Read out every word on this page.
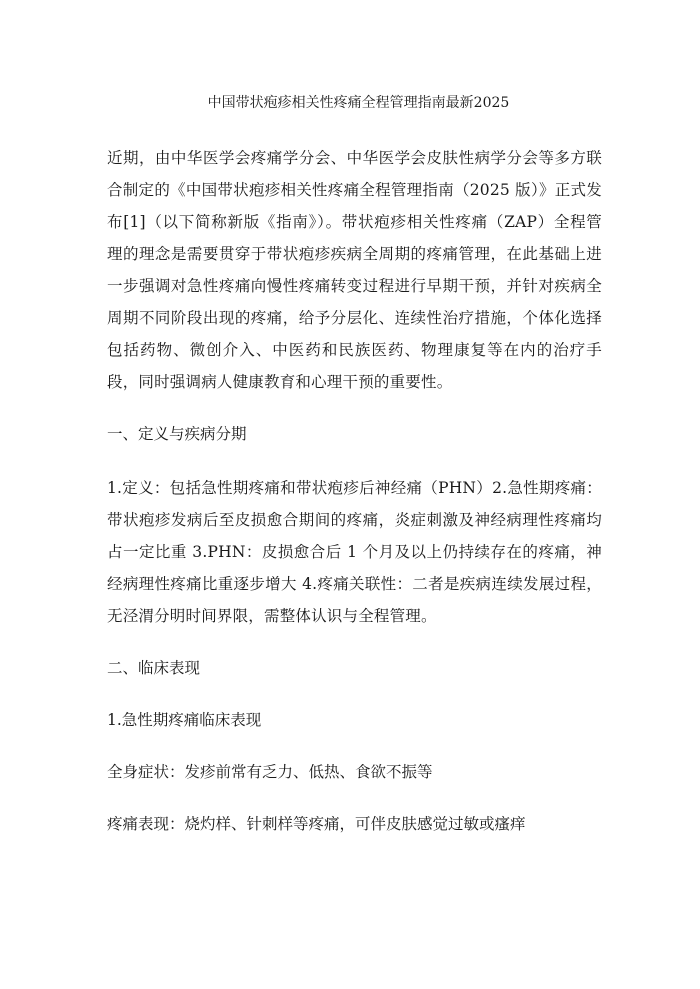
中国带状疱疹相关性疼痛全程管理指南最新2025

近期，由中华医学会疼痛学分会、中华医学会皮肤性病学分会等多方联合制定的《中国带状疱疹相关性疼痛全程管理指南（2025 版）》正式发布[1]（以下简称新版《指南》）。带状疱疹相关性疼痛（ZAP）全程管理的理念是需要贯穿于带状疱疹疾病全周期的疼痛管理，在此基础上进一步强调对急性疼痛向慢性疼痛转变过程进行早期干预，并针对疾病全周期不同阶段出现的疼痛，给予分层化、连续性治疗措施，个体化选择包括药物、微创介入、中医药和民族医药、物理康复等在内的治疗手段，同时强调病人健康教育和心理干预的重要性。

一、定义与疾病分期

1.定义：包括急性期疼痛和带状疱疹后神经痛（PHN）2.急性期疼痛：带状疱疹发病后至皮损愈合期间的疼痛，炎症刺激及神经病理性疼痛均占一定比重 3.PHN：皮损愈合后 1 个月及以上仍持续存在的疼痛，神经病理性疼痛比重逐步增大 4.疼痛关联性：二者是疾病连续发展过程，无泾渭分明时间界限，需整体认识与全程管理。

二、临床表现

1.急性期疼痛临床表现

全身症状：发疹前常有乏力、低热、食欲不振等

疼痛表现：烧灼样、针刺样等疼痛，可伴皮肤感觉过敏或瘙痒
